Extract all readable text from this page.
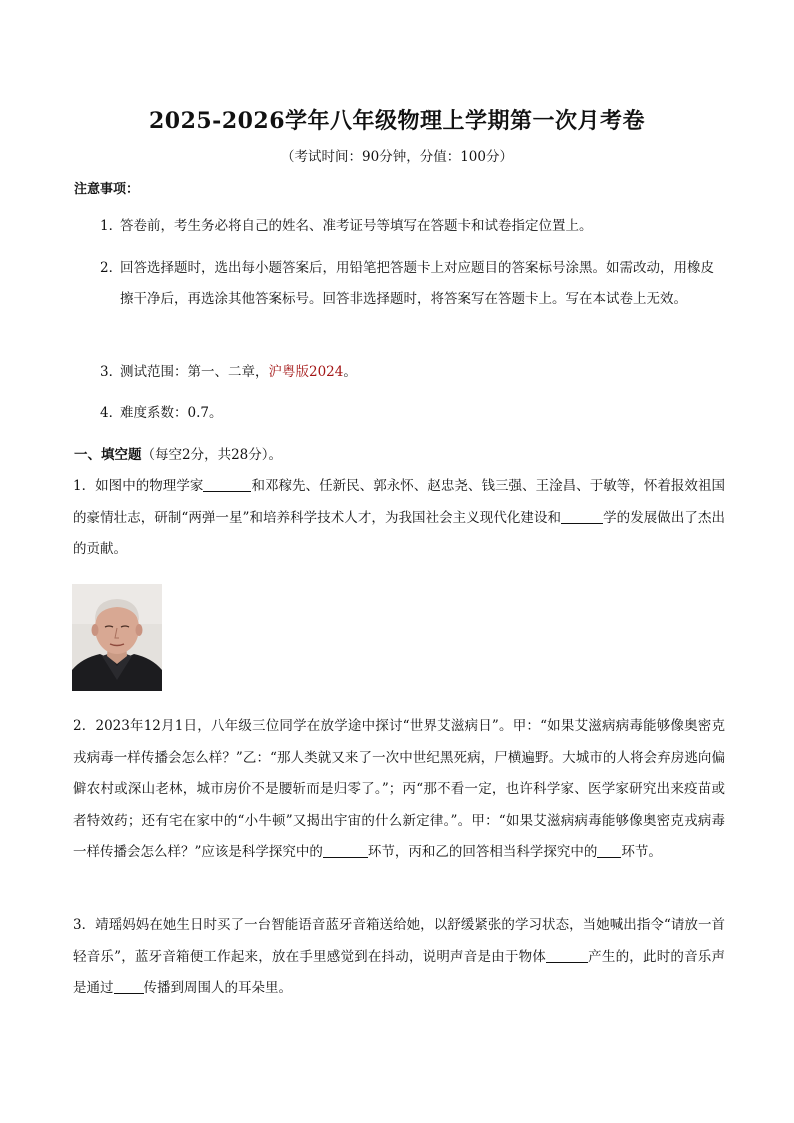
2025-2026学年八年级物理上学期第一次月考卷
（考试时间：90分钟，分值：100分）
注意事项：
1．
答卷前，考生务必将自己的姓名、准考证号等填写在答题卡和试卷指定位置上。
2．
回答选择题时，选出每小题答案后，用铅笔把答题卡上对应题目的答案标号涂黑。如需改动，用橡皮擦干净后，再选涂其他答案标号。回答非选择题时，将答案写在答题卡上。写在本试卷上无效。
3．
测试范围：第一、二章，沪粤版2024。
4．
难度系数：0.7。
一、填空题（每空2分，共28分）。
1．如图中的物理学家	和邓稼先、任新民、郭永怀、赵忠尧、钱三强、王淦昌、于敏等，怀着报效祖国的豪情壮志，研制“两弹一星”和培养科学技术人才，为我国社会主义现代化建设和	学的发展做出了杰出的贡献。
2．2023年12月1日，八年级三位同学在放学途中探讨“世界艾滋病日”。甲：“如果艾滋病病毒能够像奥密克戎病毒一样传播会怎么样？”乙：“那人类就又来了一次中世纪黑死病，尸横遍野。大城市的人将会弃房逃向偏僻农村或深山老林，城市房价不是腰斩而是归零了。”；丙“那不看一定，也许科学家、医学家研究出来疫苗或者特效药；还有宅在家中的“小牛顿”又揭出宇宙的什么新定律。”。甲：“如果艾滋病病毒能够像奥密克戎病毒一样传播会怎么样？”应该是科学探究中的	环节，丙和乙的回答相当科学探究中的 环节。
3．靖瑶妈妈在她生日时买了一台智能语音蓝牙音箱送给她，以舒缓紧张的学习状态，当她喊出指令“请放一首轻音乐”，蓝牙音箱便工作起来，放在手里感觉到在抖动，说明声音是由于物体	产生的，此时的音乐声是通过 传播到周围人的耳朵里。
